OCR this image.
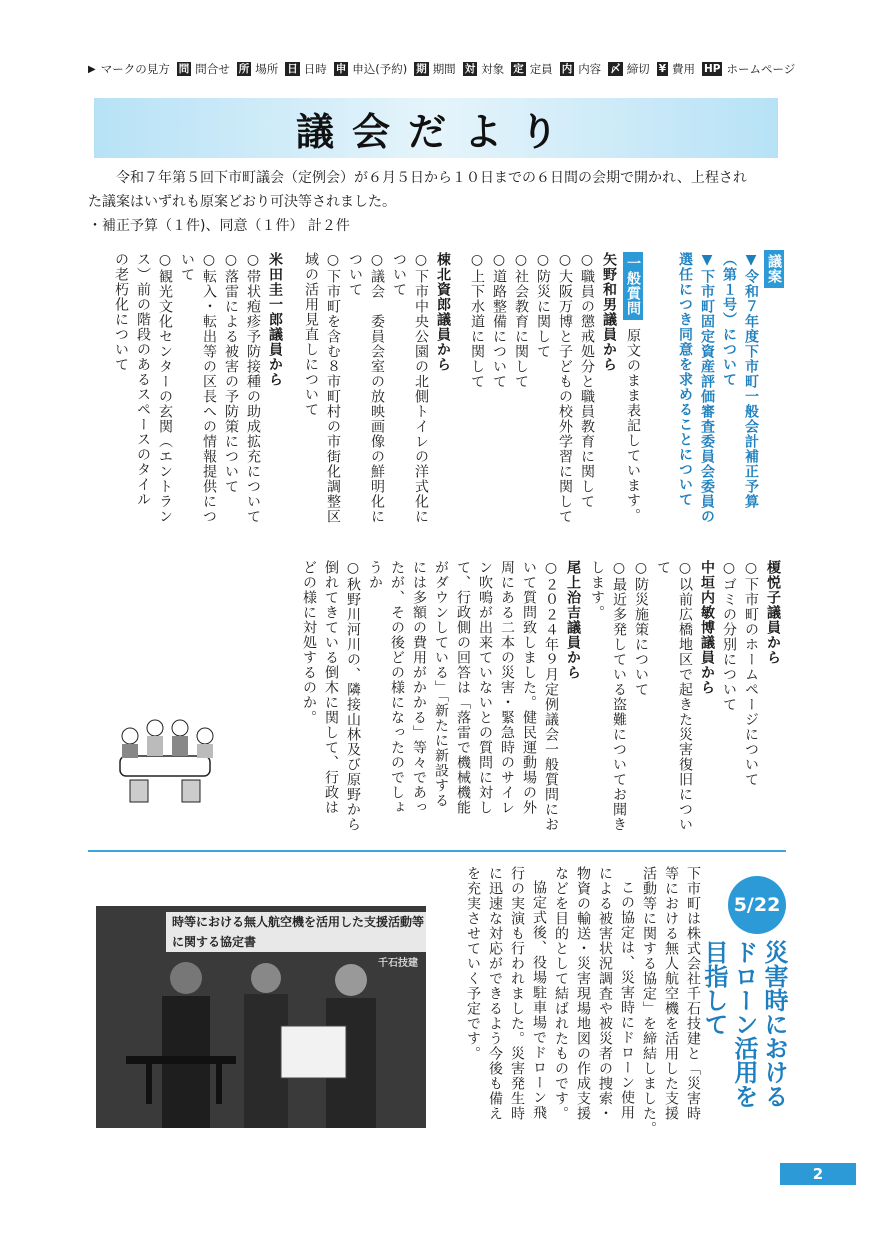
▶ マークの見方 問 問合せ 所 場所 日 日時 申 申込(予約) 期 期間 対 対象 定 定員 内 内容 〆 締切 ¥ 費用 HP ホームページ
議会だより

令和７年第５回下市町議会（定例会）が６月５日から１０日までの６日間の会期で開かれ、上程され

た議案はいずれも原案どおり可決等されました。

・補正予算（１件)、同意（１件） 計２件

議案
▼令和７年度下市町一般会計補正予算
（第１号）について
▼下市町固定資産評価審査委員会委員の
選任につき同意を求めることについて
一般質問原文のまま表記しています。
矢野和男議員から
○職員の懲戒処分と職員教育に関して
○大阪万博と子どもの校外学習に関して
○防災に関して
○社会教育に関して
○道路整備について
○上下水道に関して
梀北資郎議員から
○下市中央公園の北側トイレの洋式化に
ついて
○議会　委員会室の放映画像の鮮明化に
ついて
○下市町を含む８市町村の市街化調整区
域の活用見直しについて
米田圭一郎議員から
○帯状疱疹予防接種の助成拡充について
○落雷による被害の予防策について
○転入・転出等の区長への情報提供につ
いて
○観光文化センターの玄関（エントラン
ス）前の階段のあるスペースのタイル
の老朽化について
榎悦子議員から
○下市町のホームページについて
○ゴミの分別について
中垣内敏博議員から
○以前広橋地区で起きた災害復旧につい
て
○防災施策について
○最近多発している盗難についてお聞き
します。
尾上治吉議員から
○２０２４年９月定例議会一般質問にお
いて質問致しました。健民運動場の外
周にある二本の災害・緊急時のサイレ
ン吹鳴が出来ていないとの質問に対し
て、行政側の回答は「落雷で機械機能
がダウンしている」「新たに新設する
には多額の費用がかかる」等々であっ
たが、その後どの様になったのでしょ
うか
○秋野川河川の、隣接山林及び原野から
倒れてきている倒木に関して、行政は
どの様に対処するのか。
5/22
災害時における
ドローン活用を
目指して
下市町は株式会社千石技建と「災害時
等における無人航空機を活用した支援
活動等に関する協定」を締結しました。
この協定は、災害時にドローン使用
による被害状況調査や被災者の捜索・
物資の輸送・災害現場地図の作成支援
などを目的として結ばれたものです。
協定式後、役場駐車場でドローン飛
行の実演も行われました。災害発生時
に迅速な対応ができるよう今後も備え
を充実させていく予定です。
時等における無人航空機を活用した支援活動等に関する協定書
千石技建
2
